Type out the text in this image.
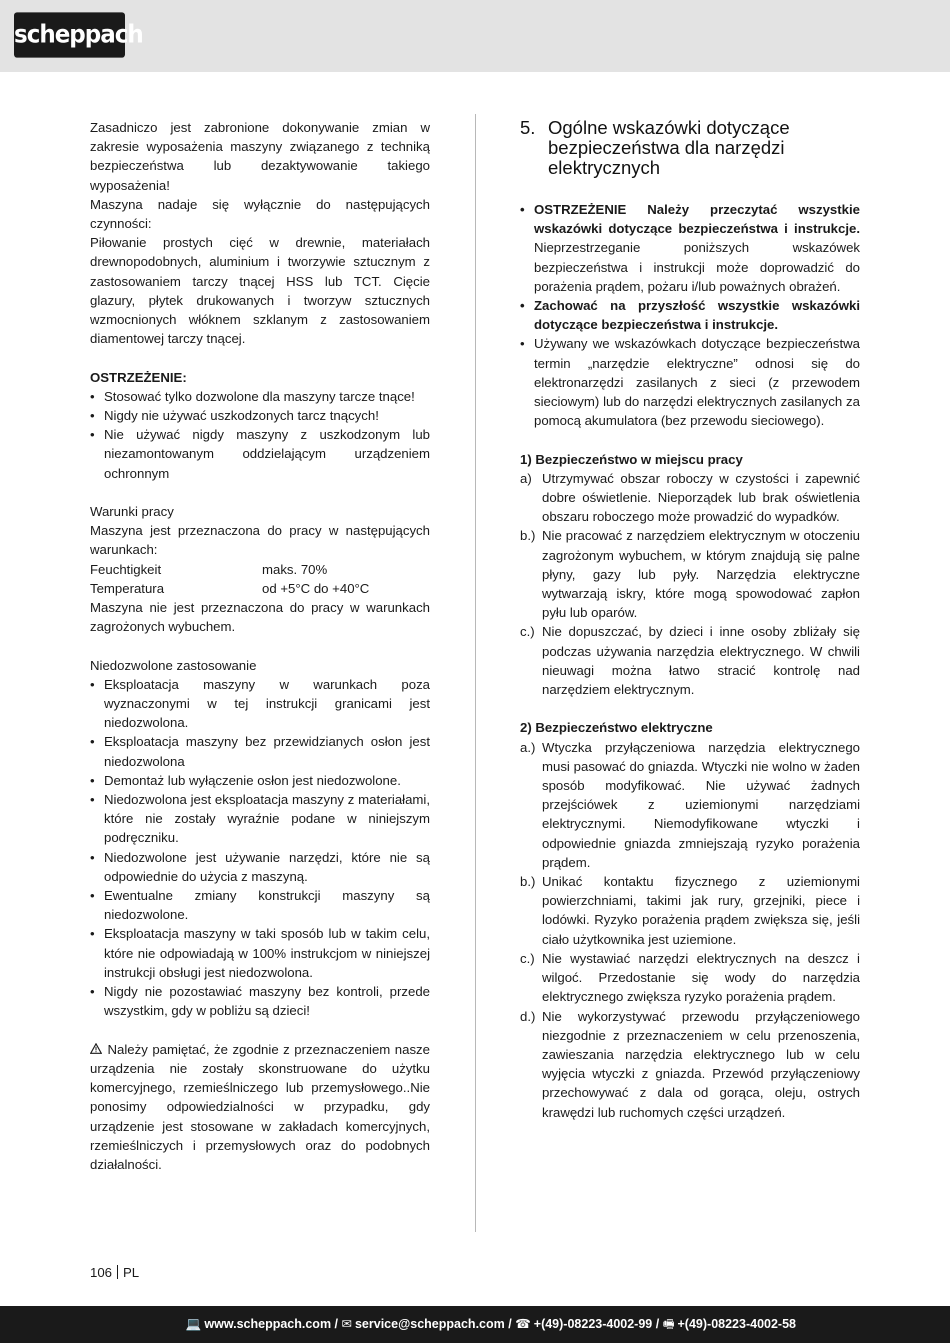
scheppach

Zasadniczo jest zabronione dokonywanie zmian w zakresie wyposażenia maszyny związanego z techniką bezpieczeństwa lub dezaktywowanie takiego wyposażenia!

Maszyna nadaje się wyłącznie do następujących czynności:

Piłowanie prostych cięć w drewnie, materiałach drewnopodobnych, aluminium i tworzywie sztucznym z zastosowaniem tarczy tnącej HSS lub TCT. Cięcie glazury, płytek drukowanych i tworzyw sztucznych wzmocnionych włóknem szklanym z zastosowaniem diamentowej tarczy tnącej.

OSTRZEŻENIE:

• Stosować tylko dozwolone dla maszyny tarcze tnące!
• Nigdy nie używać uszkodzonych tarcz tnących!
• Nie używać nigdy maszyny z uszkodzonym lub niezamontowanym oddzielającym urządzeniem ochronnym

Warunki pracy

Maszyna jest przeznaczona do pracy w następujących warunkach:

Feuchtigkeit	maks. 70%
Temperatura	od +5°C do +40°C

Maszyna nie jest przeznaczona do pracy w warunkach zagrożonych wybuchem.

Niedozwolone zastosowanie

• Eksploatacja maszyny w warunkach poza wyznaczonymi w tej instrukcji granicami jest niedozwolona.
• Eksploatacja maszyny bez przewidzianych osłon jest niedozwolona
• Demontaż lub wyłączenie osłon jest niedozwolone.
• Niedozwolona jest eksploatacja maszyny z materiałami, które nie zostały wyraźnie podane w niniejszym podręczniku.
• Niedozwolone jest używanie narzędzi, które nie są odpowiednie do użycia z maszyną.
• Ewentualne zmiany konstrukcji maszyny są niedozwolone.
• Eksploatacja maszyny w taki sposób lub w takim celu, które nie odpowiadają w 100% instrukcjom w niniejszej instrukcji obsługi jest niedozwolona.
• Nigdy nie pozostawiać maszyny bez kontroli, przede wszystkim, gdy w pobliżu są dzieci!

Należy pamiętać, że zgodnie z przeznaczeniem nasze urządzenia nie zostały skonstruowane do użytku komercyjnego, rzemieślniczego lub przemysłowego..Nie ponosimy odpowiedzialności w przypadku, gdy urządzenie jest stosowane w zakładach komercyjnych, rzemieślniczych i przemysłowych oraz do podobnych działalności.

5. Ogólne wskazówki dotyczące bezpieczeństwa dla narzędzi elektrycznych
• OSTRZEŻENIE Należy przeczytać wszystkie wskazówki dotyczące bezpieczeństwa i instrukcje. Nieprzestrzeganie poniższych wskazówek bezpieczeństwa i instrukcji może doprowadzić do porażenia prądem, pożaru i/lub poważnych obrażeń.
• Zachować na przyszłość wszystkie wskazówki dotyczące bezpieczeństwa i instrukcje.
• Używany we wskazówkach dotyczące bezpieczeństwa termin „narzędzie elektryczne” odnosi się do elektronarzędzi zasilanych z sieci (z przewodem sieciowym) lub do narzędzi elektrycznych zasilanych za pomocą akumulatora (bez przewodu sieciowego).

1) Bezpieczeństwo w miejscu pracy

a) Utrzymywać obszar roboczy w czystości i zapewnić dobre oświetlenie. Nieporządek lub brak oświetlenia obszaru roboczego może prowadzić do wypadków.
b.) Nie pracować z narzędziem elektrycznym w otoczeniu zagrożonym wybuchem, w którym znajdują się palne płyny, gazy lub pyły. Narzędzia elektryczne wytwarzają iskry, które mogą spowodować zapłon pyłu lub oparów.
c.) Nie dopuszczać, by dzieci i inne osoby zbliżały się podczas używania narzędzia elektrycznego. W chwili nieuwagi można łatwo stracić kontrolę nad narzędziem elektrycznym.

2) Bezpieczeństwo elektryczne

a.) Wtyczka przyłączeniowa narzędzia elektrycznego musi pasować do gniazda. Wtyczki nie wolno w żaden sposób modyfikować. Nie używać żadnych przejściówek z uziemionymi narzędziami elektrycznymi. Niemodyfikowane wtyczki i odpowiednie gniazda zmniejszają ryzyko porażenia prądem.
b.) Unikać kontaktu fizycznego z uziemionymi powierzchniami, takimi jak rury, grzejniki, piece i lodówki. Ryzyko porażenia prądem zwiększa się, jeśli ciało użytkownika jest uziemione.
c.) Nie wystawiać narzędzi elektrycznych na deszcz i wilgoć. Przedostanie się wody do narzędzia elektrycznego zwiększa ryzyko porażenia prądem.
d.) Nie wykorzystywać przewodu przyłączeniowego niezgodnie z przeznaczeniem w celu przenoszenia, zawieszania narzędzia elektrycznego lub w celu wyjęcia wtyczki z gniazda. Przewód przyłączeniowy przechowywać z dala od gorąca, oleju, ostrych krawędzi lub ruchomych części urządzeń.
106 PL
💻 www.scheppach.com / ✉ service@scheppach.com / ☎ +(49)-08223-4002-99 / 🖷 +(49)-08223-4002-58
